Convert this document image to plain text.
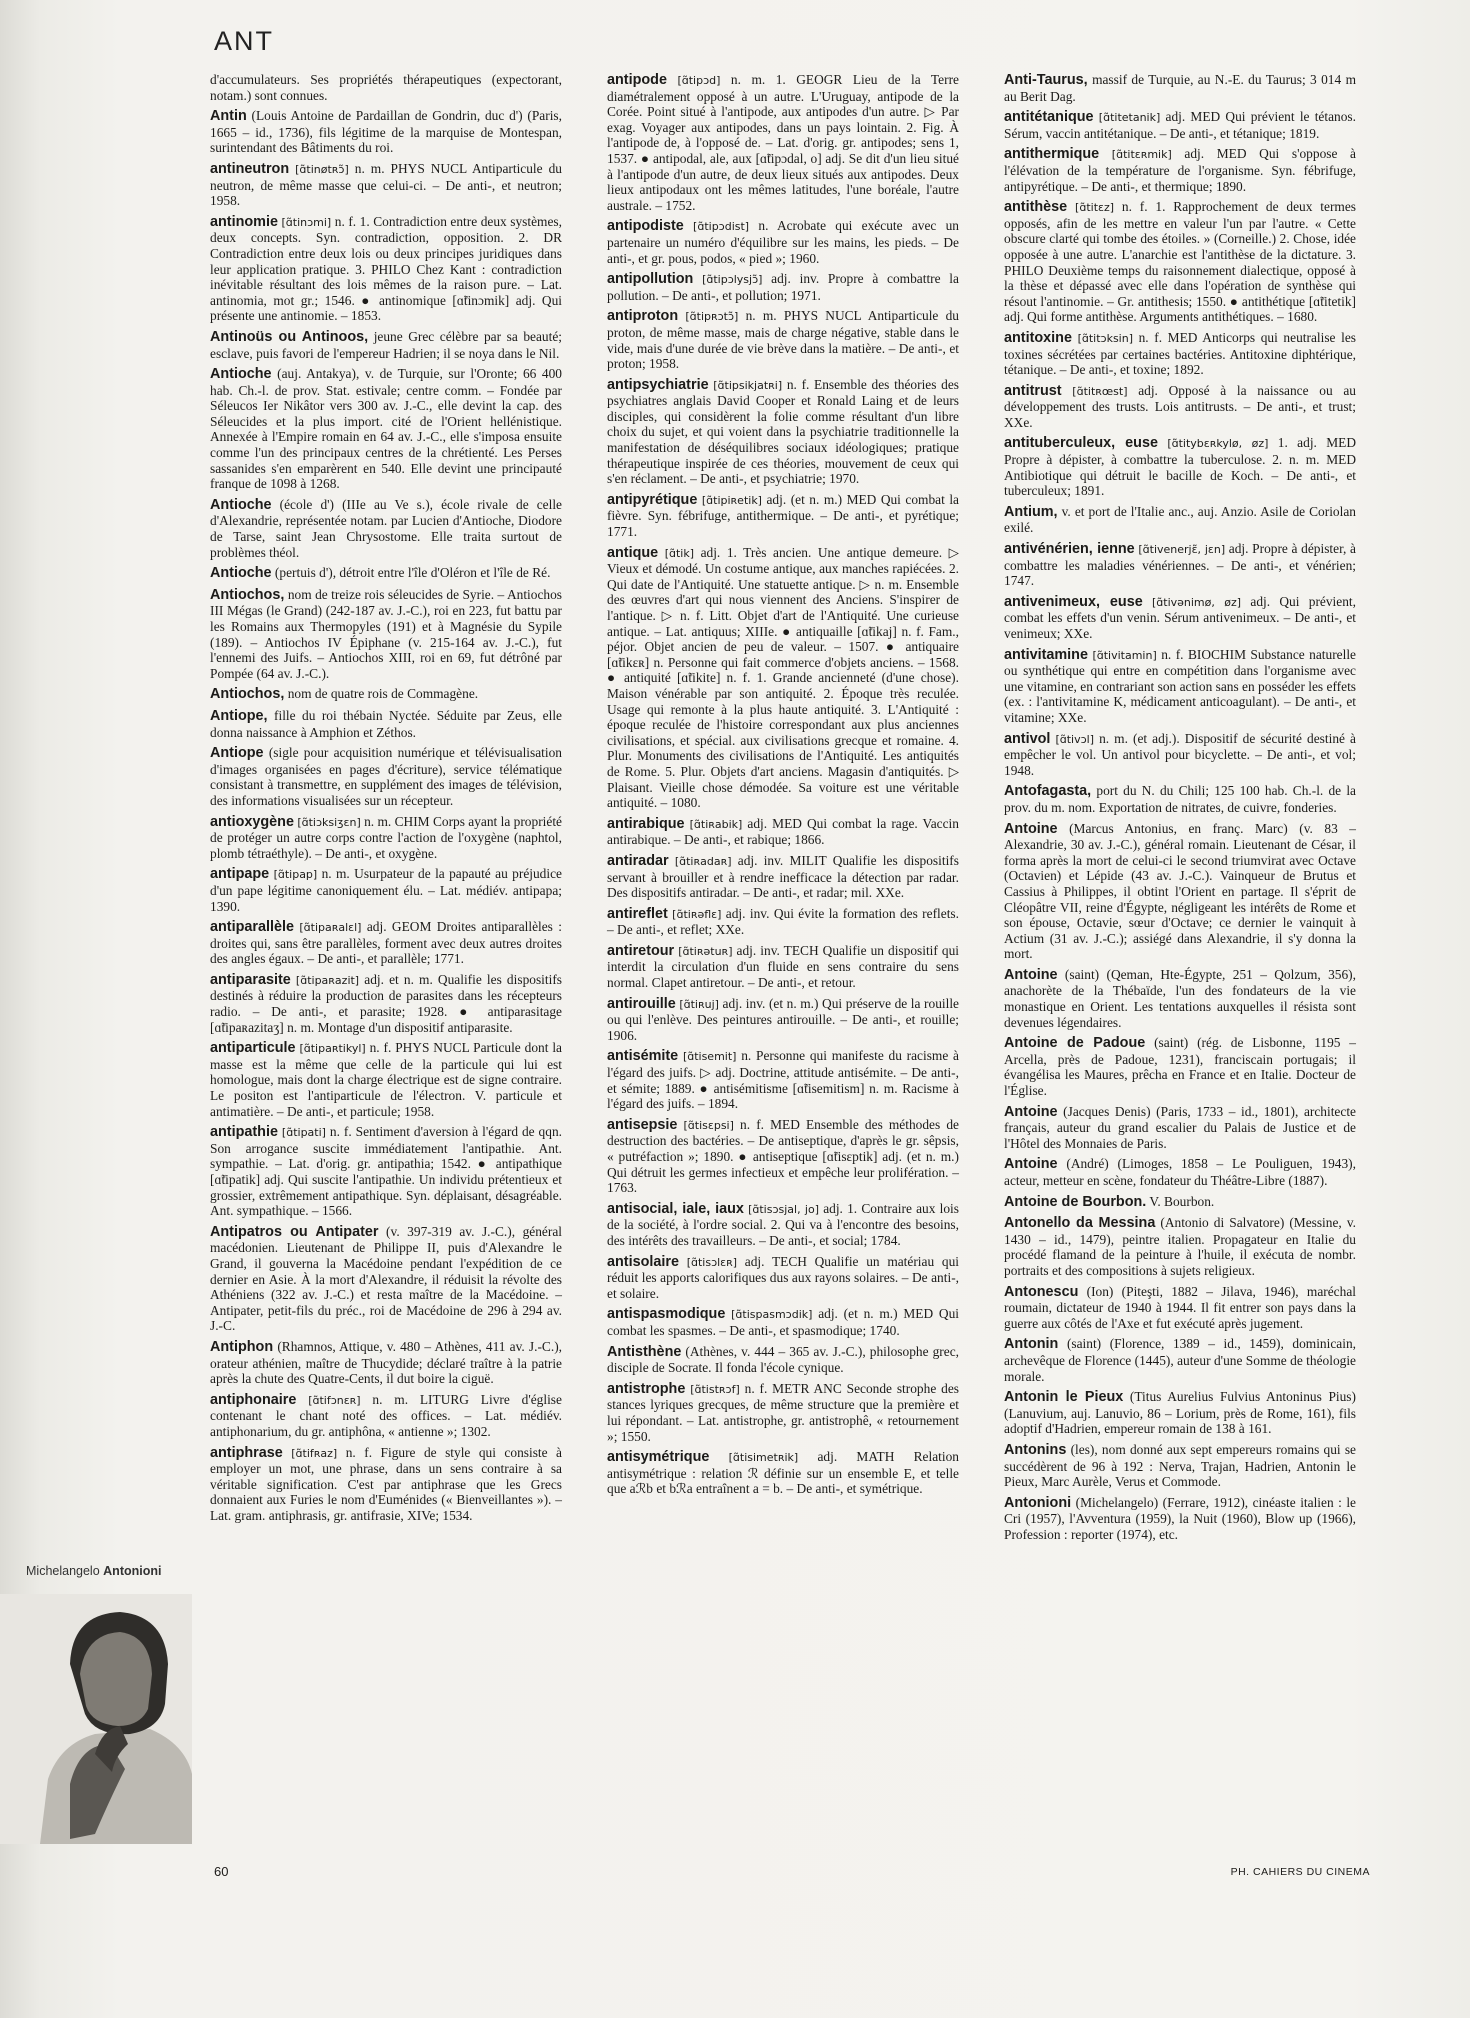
ANT

d'accumulateurs. Ses propriétés thérapeutiques (expectorant, notam.) sont connues.

Antin (Louis Antoine de Pardaillan de Gondrin, duc d') (Paris, 1665 – id., 1736), fils légitime de la marquise de Montespan, surintendant des Bâtiments du roi.

antineutron [ɑ̃tinøtʀɔ̃] n. m. PHYS NUCL Antiparticule du neutron, de même masse que celui-ci. – De anti-, et neutron; 1958.

antinomie [ɑ̃tinɔmi] n. f. 1. Contradiction entre deux systèmes, deux concepts. Syn. contradiction, opposition. 2. DR Contradiction entre deux lois ou deux principes juridiques dans leur application pratique. 3. PHILO Chez Kant : contradiction inévitable résultant des lois mêmes de la raison pure. – Lat. antinomia, mot gr.; 1546. ● antinomique [ɑ̃tinɔmik] adj. Qui présente une antinomie. – 1853.

Antinoüs ou Antinoos, jeune Grec célèbre par sa beauté; esclave, puis favori de l'empereur Hadrien; il se noya dans le Nil.

Antioche (auj. Antakya), v. de Turquie, sur l'Oronte; 66 400 hab. Ch.-l. de prov. Stat. estivale; centre comm. – Fondée par Séleucos Ier Nikâtor vers 300 av. J.-C., elle devint la cap. des Séleucides et la plus import. cité de l'Orient hellénistique. Annexée à l'Empire romain en 64 av. J.-C., elle s'imposa ensuite comme l'un des principaux centres de la chrétienté. Les Perses sassanides s'en emparèrent en 540. Elle devint une principauté franque de 1098 à 1268.

Antioche (école d') (IIIe au Ve s.), école rivale de celle d'Alexandrie, représentée notam. par Lucien d'Antioche, Diodore de Tarse, saint Jean Chrysostome. Elle traita surtout de problèmes théol.

Antioche (pertuis d'), détroit entre l'île d'Oléron et l'île de Ré.

Antiochos, nom de treize rois séleucides de Syrie. – Antiochos III Mégas (le Grand) (242-187 av. J.-C.), roi en 223, fut battu par les Romains aux Thermopyles (191) et à Magnésie du Sypile (189). – Antiochos IV Épiphane (v. 215-164 av. J.-C.), fut l'ennemi des Juifs. – Antiochos XIII, roi en 69, fut détrôné par Pompée (64 av. J.-C.).

Antiochos, nom de quatre rois de Commagène.

Antiope, fille du roi thébain Nyctée. Séduite par Zeus, elle donna naissance à Amphion et Zéthos.

Antiope (sigle pour acquisition numérique et télévisualisation d'images organisées en pages d'écriture), service télématique consistant à transmettre, en supplément des images de télévision, des informations visualisées sur un récepteur.

antioxygène [ɑ̃tiɔksiʒɛn] n. m. CHIM Corps ayant la propriété de protéger un autre corps contre l'action de l'oxygène (naphtol, plomb tétraéthyle). – De anti-, et oxygène.

antipape [ɑ̃tipap] n. m. Usurpateur de la papauté au préjudice d'un pape légitime canoniquement élu. – Lat. médiév. antipapa; 1390.

antiparallèle [ɑ̃tipaʀalɛl] adj. GEOM Droites antiparallèles : droites qui, sans être parallèles, forment avec deux autres droites des angles égaux. – De anti-, et parallèle; 1771.

antiparasite [ɑ̃tipaʀazit] adj. et n. m. Qualifie les dispositifs destinés à réduire la production de parasites dans les récepteurs radio. – De anti-, et parasite; 1928. ● antiparasitage [ɑ̃tipaʀazitaʒ] n. m. Montage d'un dispositif antiparasite.

antiparticule [ɑ̃tipaʀtikyl] n. f. PHYS NUCL Particule dont la masse est la même que celle de la particule qui lui est homologue, mais dont la charge électrique est de signe contraire. Le positon est l'antiparticule de l'électron. V. particule et antimatière. – De anti-, et particule; 1958.

antipathie [ɑ̃tipati] n. f. Sentiment d'aversion à l'égard de qqn. Son arrogance suscite immédiatement l'antipathie. Ant. sympathie. – Lat. d'orig. gr. antipathia; 1542. ● antipathique [ɑ̃tipatik] adj. Qui suscite l'antipathie. Un individu prétentieux et grossier, extrêmement antipathique. Syn. déplaisant, désagréable. Ant. sympathique. – 1566.

Antipatros ou Antipater (v. 397-319 av. J.-C.), général macédonien. Lieutenant de Philippe II, puis d'Alexandre le Grand, il gouverna la Macédoine pendant l'expédition de ce dernier en Asie. À la mort d'Alexandre, il réduisit la révolte des Athéniens (322 av. J.-C.) et resta maître de la Macédoine. – Antipater, petit-fils du préc., roi de Macédoine de 296 à 294 av. J.-C.

Antiphon (Rhamnos, Attique, v. 480 – Athènes, 411 av. J.-C.), orateur athénien, maître de Thucydide; déclaré traître à la patrie après la chute des Quatre-Cents, il dut boire la ciguë.

antiphonaire [ɑ̃tifɔnɛʀ] n. m. LITURG Livre d'église contenant le chant noté des offices. – Lat. médiév. antiphonarium, du gr. antiphôna, « antienne »; 1302.

antiphrase [ɑ̃tifʀaz] n. f. Figure de style qui consiste à employer un mot, une phrase, dans un sens contraire à sa véritable signification. C'est par antiphrase que les Grecs donnaient aux Furies le nom d'Euménides (« Bienveillantes »). – Lat. gram. antiphrasis, gr. antifrasie, XIVe; 1534.

antipode [ɑ̃tipɔd] n. m. 1. GEOGR Lieu de la Terre diamétralement opposé à un autre. L'Uruguay, antipode de la Corée. Point situé à l'antipode, aux antipodes d'un autre. ▷ Par exag. Voyager aux antipodes, dans un pays lointain. 2. Fig. À l'antipode de, à l'opposé de. – Lat. d'orig. gr. antipodes; sens 1, 1537. ● antipodal, ale, aux [ɑ̃tipɔdal, o] adj. Se dit d'un lieu situé à l'antipode d'un autre, de deux lieux situés aux antipodes. Deux lieux antipodaux ont les mêmes latitudes, l'une boréale, l'autre australe. – 1752.

antipodiste [ɑ̃tipɔdist] n. Acrobate qui exécute avec un partenaire un numéro d'équilibre sur les mains, les pieds. – De anti-, et gr. pous, podos, « pied »; 1960.

antipollution [ɑ̃tipɔlysjɔ̃] adj. inv. Propre à combattre la pollution. – De anti-, et pollution; 1971.

antiproton [ɑ̃tipʀɔtɔ̃] n. m. PHYS NUCL Antiparticule du proton, de même masse, mais de charge négative, stable dans le vide, mais d'une durée de vie brève dans la matière. – De anti-, et proton; 1958.

antipsychiatrie [ɑ̃tipsikjatʀi] n. f. Ensemble des théories des psychiatres anglais David Cooper et Ronald Laing et de leurs disciples, qui considèrent la folie comme résultant d'un libre choix du sujet, et qui voient dans la psychiatrie traditionnelle la manifestation de déséquilibres sociaux idéologiques; pratique thérapeutique inspirée de ces théories, mouvement de ceux qui s'en réclament. – De anti-, et psychiatrie; 1970.

antipyrétique [ɑ̃tipiʀetik] adj. (et n. m.) MED Qui combat la fièvre. Syn. fébrifuge, antithermique. – De anti-, et pyrétique; 1771.

antique [ɑ̃tik] adj. 1. Très ancien. Une antique demeure. ▷ Vieux et démodé. Un costume antique, aux manches rapiécées. 2. Qui date de l'Antiquité. Une statuette antique. ▷ n. m. Ensemble des œuvres d'art qui nous viennent des Anciens. S'inspirer de l'antique. ▷ n. f. Litt. Objet d'art de l'Antiquité. Une curieuse antique. – Lat. antiquus; XIIIe. ● antiquaille [ɑ̃tikaj] n. f. Fam., péjor. Objet ancien de peu de valeur. – 1507. ● antiquaire [ɑ̃tikɛʀ] n. Personne qui fait commerce d'objets anciens. – 1568. ● antiquité [ɑ̃tikite] n. f. 1. Grande ancienneté (d'une chose). Maison vénérable par son antiquité. 2. Époque très reculée. Usage qui remonte à la plus haute antiquité. 3. L'Antiquité : époque reculée de l'histoire correspondant aux plus anciennes civilisations, et spécial. aux civilisations grecque et romaine. 4. Plur. Monuments des civilisations de l'Antiquité. Les antiquités de Rome. 5. Plur. Objets d'art anciens. Magasin d'antiquités. ▷ Plaisant. Vieille chose démodée. Sa voiture est une véritable antiquité. – 1080.

antirabique [ɑ̃tiʀabik] adj. MED Qui combat la rage. Vaccin antirabique. – De anti-, et rabique; 1866.

antiradar [ɑ̃tiʀadaʀ] adj. inv. MILIT Qualifie les dispositifs servant à brouiller et à rendre inefficace la détection par radar. Des dispositifs antiradar. – De anti-, et radar; mil. XXe.

antireflet [ɑ̃tiʀəflɛ] adj. inv. Qui évite la formation des reflets. – De anti-, et reflet; XXe.

antiretour [ɑ̃tiʀətuʀ] adj. inv. TECH Qualifie un dispositif qui interdit la circulation d'un fluide en sens contraire du sens normal. Clapet antiretour. – De anti-, et retour.

antirouille [ɑ̃tiʀuj] adj. inv. (et n. m.) Qui préserve de la rouille ou qui l'enlève. Des peintures antirouille. – De anti-, et rouille; 1906.

antisémite [ɑ̃tisemit] n. Personne qui manifeste du racisme à l'égard des juifs. ▷ adj. Doctrine, attitude antisémite. – De anti-, et sémite; 1889. ● antisémitisme [ɑ̃tisemitism] n. m. Racisme à l'égard des juifs. – 1894.

antisepsie [ɑ̃tisɛpsi] n. f. MED Ensemble des méthodes de destruction des bactéries. – De antiseptique, d'après le gr. sêpsis, « putréfaction »; 1890. ● antiseptique [ɑ̃tisɛptik] adj. (et n. m.) Qui détruit les germes infectieux et empêche leur prolifération. – 1763.

antisocial, iale, iaux [ɑ̃tisɔsjal, jo] adj. 1. Contraire aux lois de la société, à l'ordre social. 2. Qui va à l'encontre des besoins, des intérêts des travailleurs. – De anti-, et social; 1784.

antisolaire [ɑ̃tisɔlɛʀ] adj. TECH Qualifie un matériau qui réduit les apports calorifiques dus aux rayons solaires. – De anti-, et solaire.

antispasmodique [ɑ̃tispasmɔdik] adj. (et n. m.) MED Qui combat les spasmes. – De anti-, et spasmodique; 1740.

Antisthène (Athènes, v. 444 – 365 av. J.-C.), philosophe grec, disciple de Socrate. Il fonda l'école cynique.

antistrophe [ɑ̃tistʀɔf] n. f. METR ANC Seconde strophe des stances lyriques grecques, de même structure que la première et lui répondant. – Lat. antistrophe, gr. antistrophê, « retournement »; 1550.

antisymétrique [ɑ̃tisimetʀik] adj. MATH Relation antisymétrique : relation ℛ définie sur un ensemble E, et telle que aℛb et bℛa entraînent a = b. – De anti-, et symétrique.

Anti-Taurus, massif de Turquie, au N.-E. du Taurus; 3 014 m au Berit Dag.

antitétanique [ɑ̃titetanik] adj. MED Qui prévient le tétanos. Sérum, vaccin antitétanique. – De anti-, et tétanique; 1819.

antithermique [ɑ̃titɛʀmik] adj. MED Qui s'oppose à l'élévation de la température de l'organisme. Syn. fébrifuge, antipyrétique. – De anti-, et thermique; 1890.

antithèse [ɑ̃titɛz] n. f. 1. Rapprochement de deux termes opposés, afin de les mettre en valeur l'un par l'autre. « Cette obscure clarté qui tombe des étoiles. » (Corneille.) 2. Chose, idée opposée à une autre. L'anarchie est l'antithèse de la dictature. 3. PHILO Deuxième temps du raisonnement dialectique, opposé à la thèse et dépassé avec elle dans l'opération de synthèse qui résout l'antinomie. – Gr. antithesis; 1550. ● antithétique [ɑ̃titetik] adj. Qui forme antithèse. Arguments antithétiques. – 1680.

antitoxine [ɑ̃titɔksin] n. f. MED Anticorps qui neutralise les toxines sécrétées par certaines bactéries. Antitoxine diphtérique, tétanique. – De anti-, et toxine; 1892.

antitrust [ɑ̃titʀœst] adj. Opposé à la naissance ou au développement des trusts. Lois antitrusts. – De anti-, et trust; XXe.

antituberculeux, euse [ɑ̃titybɛʀkylø, øz] 1. adj. MED Propre à dépister, à combattre la tuberculose. 2. n. m. MED Antibiotique qui détruit le bacille de Koch. – De anti-, et tuberculeux; 1891.

Antium, v. et port de l'Italie anc., auj. Anzio. Asile de Coriolan exilé.

antivénérien, ienne [ɑ̃tivenerjɛ̃, jɛn] adj. Propre à dépister, à combattre les maladies vénériennes. – De anti-, et vénérien; 1747.

antivenimeux, euse [ɑ̃tivənimø, øz] adj. Qui prévient, combat les effets d'un venin. Sérum antivenimeux. – De anti-, et venimeux; XXe.

antivitamine [ɑ̃tivitamin] n. f. BIOCHIM Substance naturelle ou synthétique qui entre en compétition dans l'organisme avec une vitamine, en contrariant son action sans en posséder les effets (ex. : l'antivitamine K, médicament anticoagulant). – De anti-, et vitamine; XXe.

antivol [ɑ̃tivɔl] n. m. (et adj.). Dispositif de sécurité destiné à empêcher le vol. Un antivol pour bicyclette. – De anti-, et vol; 1948.

Antofagasta, port du N. du Chili; 125 100 hab. Ch.-l. de la prov. du m. nom. Exportation de nitrates, de cuivre, fonderies.

Antoine (Marcus Antonius, en franç. Marc) (v. 83 – Alexandrie, 30 av. J.-C.), général romain. Lieutenant de César, il forma après la mort de celui-ci le second triumvirat avec Octave (Octavien) et Lépide (43 av. J.-C.). Vainqueur de Brutus et Cassius à Philippes, il obtint l'Orient en partage. Il s'éprit de Cléopâtre VII, reine d'Égypte, négligeant les intérêts de Rome et son épouse, Octavie, sœur d'Octave; ce dernier le vainquit à Actium (31 av. J.-C.); assiégé dans Alexandrie, il s'y donna la mort.

Antoine (saint) (Qeman, Hte-Égypte, 251 – Qolzum, 356), anachorète de la Thébaïde, l'un des fondateurs de la vie monastique en Orient. Les tentations auxquelles il résista sont devenues légendaires.

Antoine de Padoue (saint) (rég. de Lisbonne, 1195 – Arcella, près de Padoue, 1231), franciscain portugais; il évangélisa les Maures, prêcha en France et en Italie. Docteur de l'Église.

Antoine (Jacques Denis) (Paris, 1733 – id., 1801), architecte français, auteur du grand escalier du Palais de Justice et de l'Hôtel des Monnaies de Paris.

Antoine (André) (Limoges, 1858 – Le Pouliguen, 1943), acteur, metteur en scène, fondateur du Théâtre-Libre (1887).

Antoine de Bourbon. V. Bourbon.

Antonello da Messina (Antonio di Salvatore) (Messine, v. 1430 – id., 1479), peintre italien. Propagateur en Italie du procédé flamand de la peinture à l'huile, il exécuta de nombr. portraits et des compositions à sujets religieux.

Antonescu (Ion) (Piteşti, 1882 – Jilava, 1946), maréchal roumain, dictateur de 1940 à 1944. Il fit entrer son pays dans la guerre aux côtés de l'Axe et fut exécuté après jugement.

Antonin (saint) (Florence, 1389 – id., 1459), dominicain, archevêque de Florence (1445), auteur d'une Somme de théologie morale.

Antonin le Pieux (Titus Aurelius Fulvius Antoninus Pius) (Lanuvium, auj. Lanuvio, 86 – Lorium, près de Rome, 161), fils adoptif d'Hadrien, empereur romain de 138 à 161.

Antonins (les), nom donné aux sept empereurs romains qui se succédèrent de 96 à 192 : Nerva, Trajan, Hadrien, Antonin le Pieux, Marc Aurèle, Verus et Commode.

Antonioni (Michelangelo) (Ferrare, 1912), cinéaste italien : le Cri (1957), l'Avventura (1959), la Nuit (1960), Blow up (1966), Profession : reporter (1974), etc.

Michelangelo Antonioni
60	PH. CAHIERS DU CINEMA
